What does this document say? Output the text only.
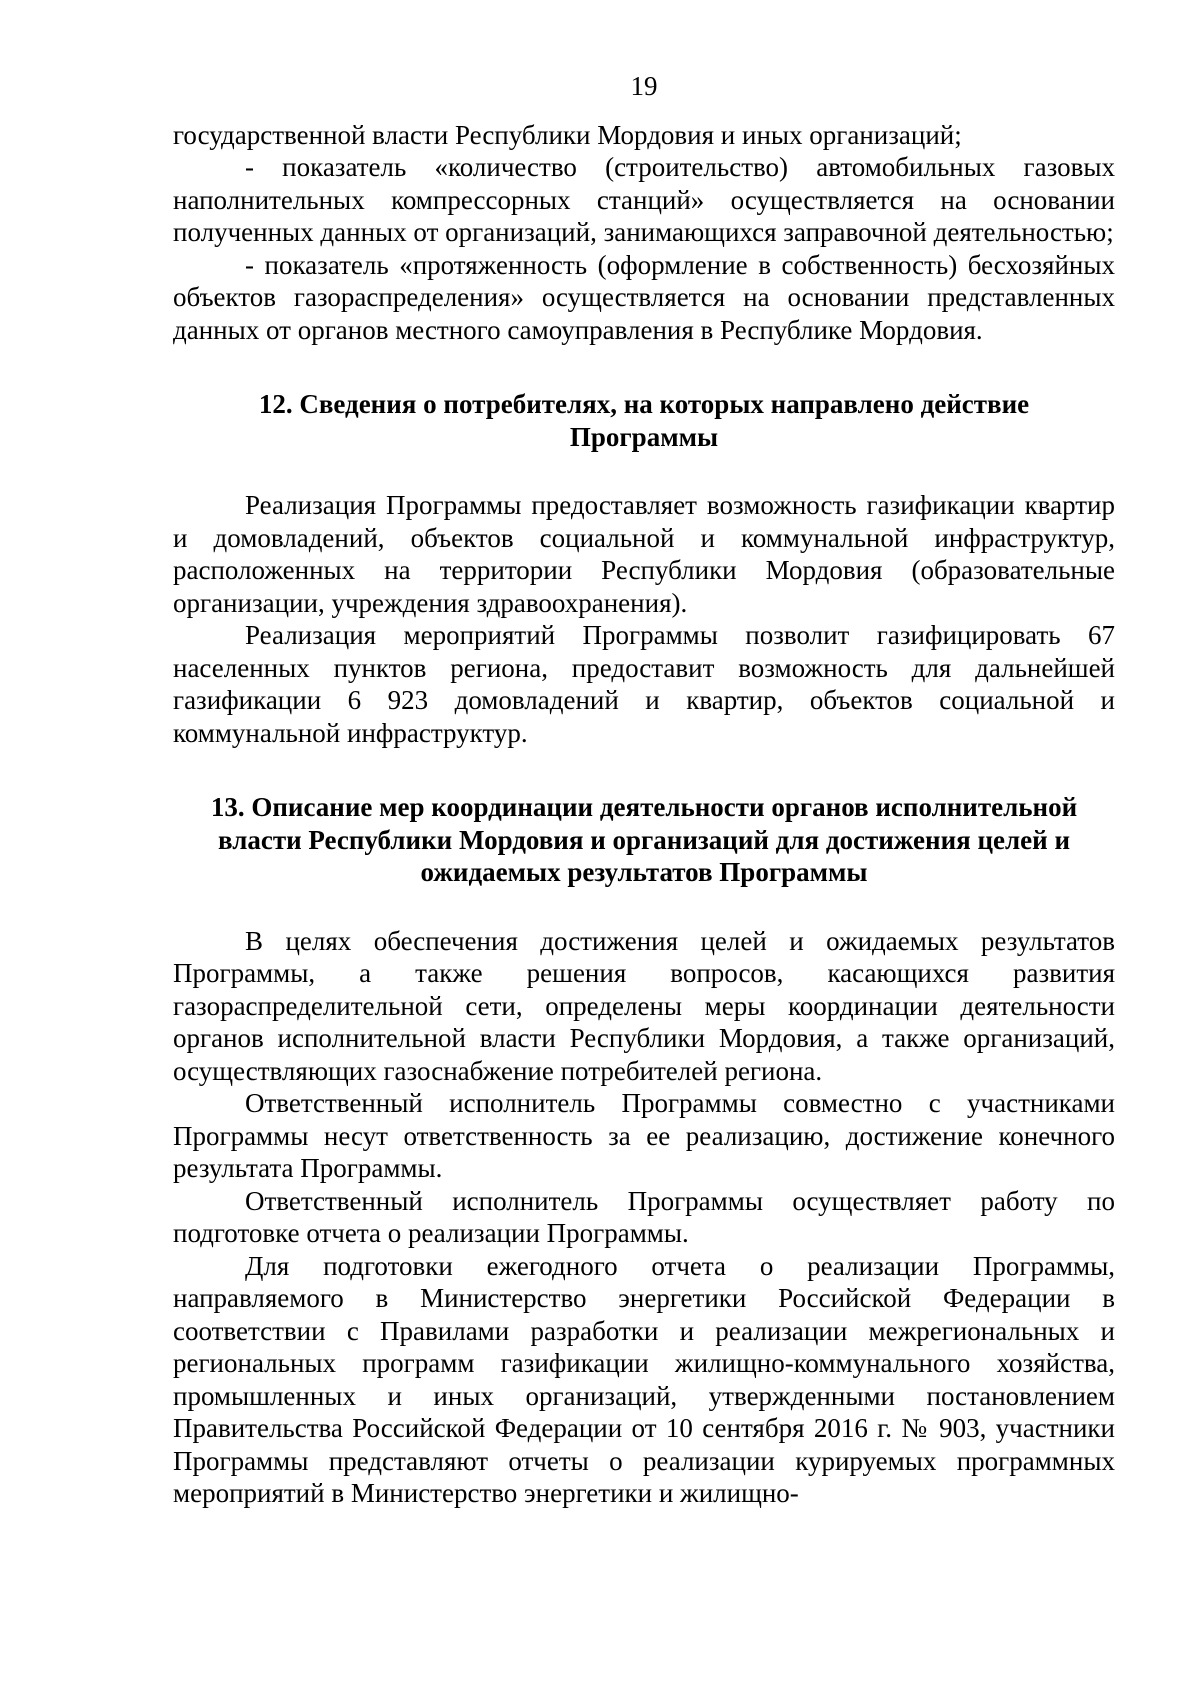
19

государственной власти Республики Мордовия и иных организаций;

- показатель «количество (строительство) автомобильных газовых наполнительных компрессорных станций» осуществляется на основании полученных данных от организаций, занимающихся заправочной деятельностью;

- показатель «протяженность (оформление в собственность) бесхозяйных объектов газораспределения» осуществляется на основании представленных данных от органов местного самоуправления в Республике Мордовия.

12. Сведения о потребителях, на которых направлено действие
Программы

Реализация Программы предоставляет возможность газификации квартир и домовладений, объектов социальной и коммунальной инфраструктур, расположенных на территории Республики Мордовия (образовательные организации, учреждения здравоохранения).

Реализация мероприятий Программы позволит газифицировать 67 населенных пунктов региона, предоставит возможность для дальнейшей газификации 6 923 домовладений и квартир, объектов социальной и коммунальной инфраструктур.

13. Описание мер координации деятельности органов исполнительной
власти Республики Мордовия и организаций для достижения целей и
ожидаемых результатов Программы

В целях обеспечения достижения целей и ожидаемых результатов Программы, а также решения вопросов, касающихся развития газораспределительной сети, определены меры координации деятельности органов исполнительной власти Республики Мордовия, а также организаций, осуществляющих газоснабжение потребителей региона.

Ответственный исполнитель Программы совместно с участниками Программы несут ответственность за ее реализацию, достижение конечного результата Программы.

Ответственный исполнитель Программы осуществляет работу по подготовке отчета о реализации Программы.

Для подготовки ежегодного отчета о реализации Программы, направляемого в Министерство энергетики Российской Федерации в соответствии с Правилами разработки и реализации межрегиональных и региональных программ газификации жилищно-коммунального хозяйства, промышленных и иных организаций, утвержденными постановлением Правительства Российской Федерации от 10 сентября 2016 г. № 903, участники Программы представляют отчеты о реализации курируемых программных мероприятий в Министерство энергетики и жилищно-
